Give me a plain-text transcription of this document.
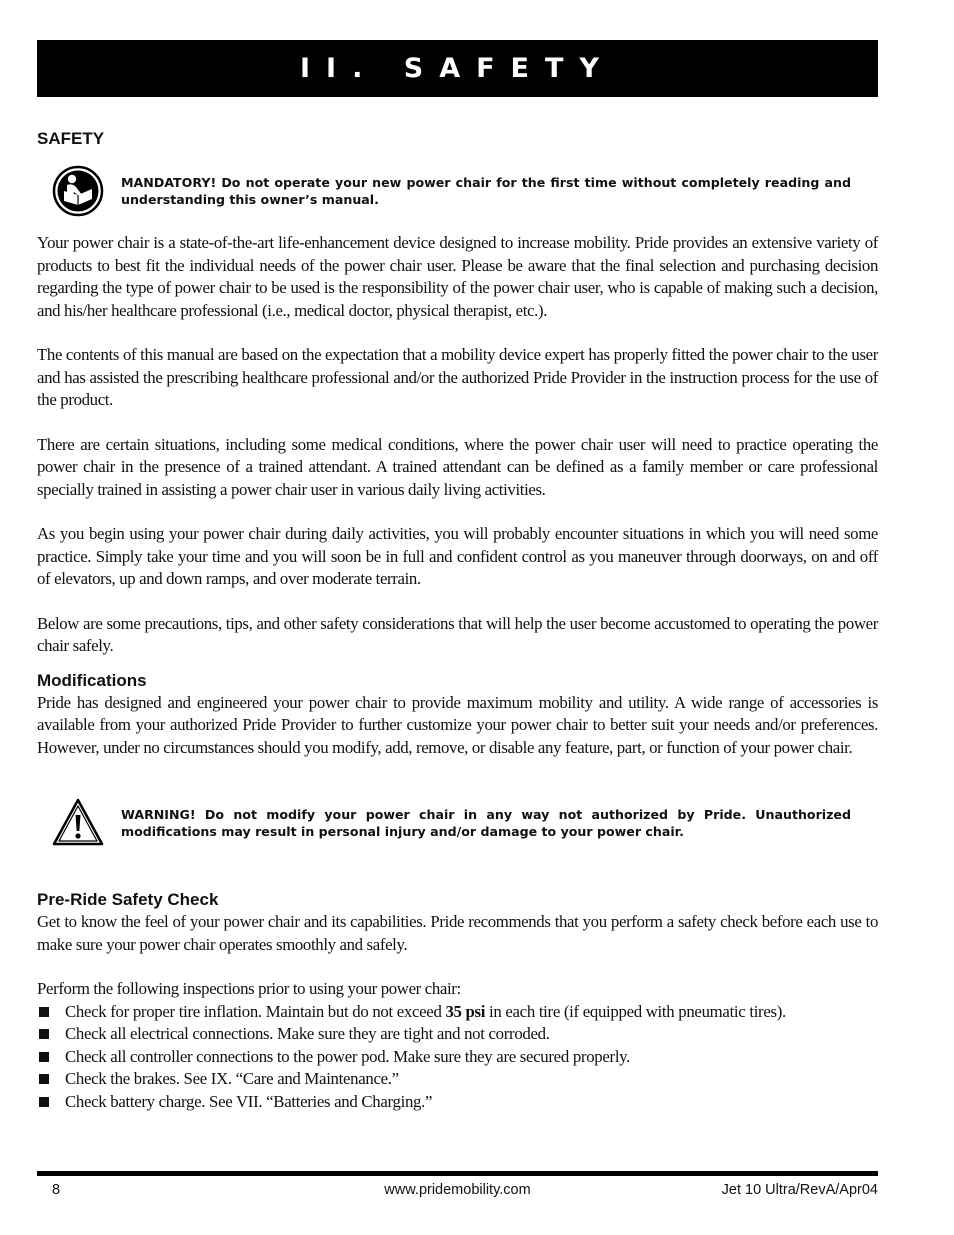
II. SAFETY
SAFETY
MANDATORY! Do not operate your new power chair for the first time without completely reading and understanding this owner’s manual.

Your power chair is a state-of-the-art life-enhancement device designed to increase mobility. Pride provides an extensive variety of products to best fit the individual needs of the power chair user. Please be aware that the final selection and purchasing decision regarding the type of power chair to be used is the responsibility of the power chair user, who is capable of making such a decision, and his/her healthcare professional (i.e., medical doctor, physical therapist, etc.).

The contents of this manual are based on the expectation that a mobility device expert has properly fitted the power chair to the user and has assisted the prescribing healthcare professional and/or the authorized Pride Provider in the instruction process for the use of the product.

There are certain situations, including some medical conditions, where the power chair user will need to practice operating the power chair in the presence of a trained attendant. A trained attendant can be defined as a family member or care professional specially trained in assisting a power chair user in various daily living activities.

As you begin using your power chair during daily activities, you will probably encounter situations in which you will need some practice. Simply take your time and you will soon be in full and confident control as you maneuver through doorways, on and off of elevators, up and down ramps, and over moderate terrain.

Below are some precautions, tips, and other safety considerations that will help the user become accustomed to operating the power chair safely.

Modifications

Pride has designed and engineered your power chair to provide maximum mobility and utility. A wide range of accessories is available from your authorized Pride Provider to further customize your power chair to better suit your needs and/or preferences. However, under no circumstances should you modify, add, remove, or disable any feature, part, or function of your power chair.

WARNING! Do not modify your power chair in any way not authorized by Pride. Unauthorized modifications may result in personal injury and/or damage to your power chair.
Pre-Ride Safety Check

Get to know the feel of your power chair and its capabilities. Pride recommends that you perform a safety check before each use to make sure your power chair operates smoothly and safely.

Perform the following inspections prior to using your power chair:

Check for proper tire inflation. Maintain but do not exceed 35 psi in each tire (if equipped with pneumatic tires).
Check all electrical connections. Make sure they are tight and not corroded.
Check all controller connections to the power pod. Make sure they are secured properly.
Check the brakes. See IX. “Care and Maintenance.”
Check battery charge. See VII. “Batteries and Charging.”
www.pridemobility.com
8	Jet 10 Ultra/RevA/Apr04
